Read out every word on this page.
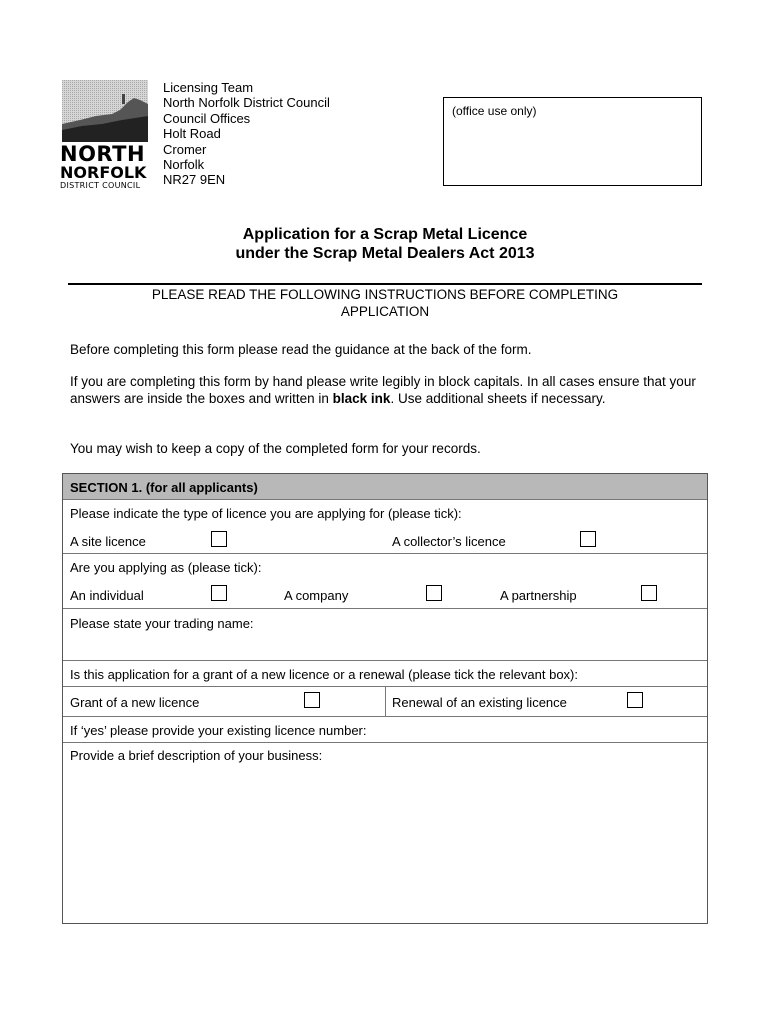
NORTH
NORFOLK
DISTRICT COUNCIL
Licensing Team
North Norfolk District Council
Council Offices
Holt Road
Cromer
Norfolk
NR27 9EN
(office use only)
Application for a Scrap Metal Licence
under the Scrap Metal Dealers Act 2013
PLEASE READ THE FOLLOWING INSTRUCTIONS BEFORE COMPLETING
APPLICATION
Before completing this form please read the guidance at the back of the form.
If you are completing this form by hand please write legibly in block capitals. In all cases ensure that your answers are inside the boxes and written in black ink. Use additional sheets if necessary.
You may wish to keep a copy of the completed form for your records.
SECTION 1. (for all applicants)
Please indicate the type of licence you are applying for (please tick):
A site licence	A collector’s licence
Are you applying as (please tick):
An individual	A company	A partnership
Please state your trading name:
Is this application for a grant of a new licence or a renewal (please tick the relevant box):
Grant of a new licence	Renewal of an existing licence
If ‘yes’ please provide your existing licence number:
Provide a brief description of your business:
